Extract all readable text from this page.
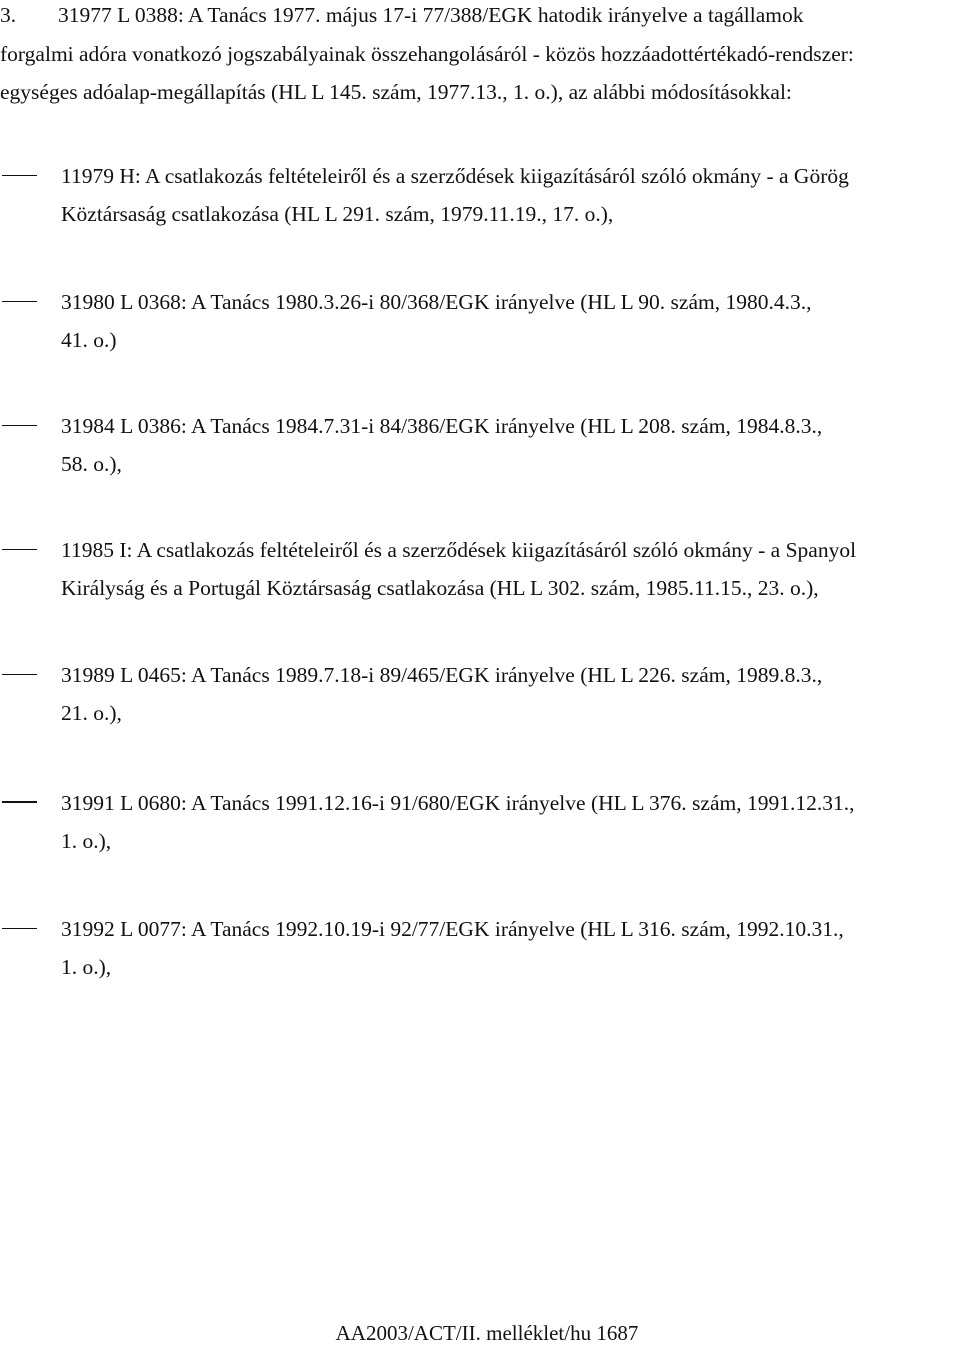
3. 31977 L 0388: A Tanács 1977. május 17-i 77/388/EGK hatodik irányelve a tagállamok
forgalmi adóra vonatkozó jogszabályainak összehangolásáról - közös hozzáadottértékadó-rendszer:
egységes adóalap-megállapítás (HL L 145. szám, 1977.13., 1. o.), az alábbi módosításokkal:
11979 H: A csatlakozás feltételeiről és a szerződések kiigazításáról szóló okmány - a Görög
Köztársaság csatlakozása (HL L 291. szám, 1979.11.19., 17. o.),
31980 L 0368: A Tanács 1980.3.26-i 80/368/EGK irányelve (HL L 90. szám, 1980.4.3.,
41. o.)
31984 L 0386: A Tanács 1984.7.31-i 84/386/EGK irányelve (HL L 208. szám, 1984.8.3.,
58. o.),
11985 I: A csatlakozás feltételeiről és a szerződések kiigazításáról szóló okmány - a Spanyol
Királyság és a Portugál Köztársaság csatlakozása (HL L 302. szám, 1985.11.15., 23. o.),
31989 L 0465: A Tanács 1989.7.18-i 89/465/EGK irányelve (HL L 226. szám, 1989.8.3.,
21. o.),
31991 L 0680: A Tanács 1991.12.16-i 91/680/EGK irányelve (HL L 376. szám, 1991.12.31.,
1. o.),
31992 L 0077: A Tanács 1992.10.19-i 92/77/EGK irányelve (HL L 316. szám, 1992.10.31.,
1. o.),
AA2003/ACT/II. melléklet/hu 1687
